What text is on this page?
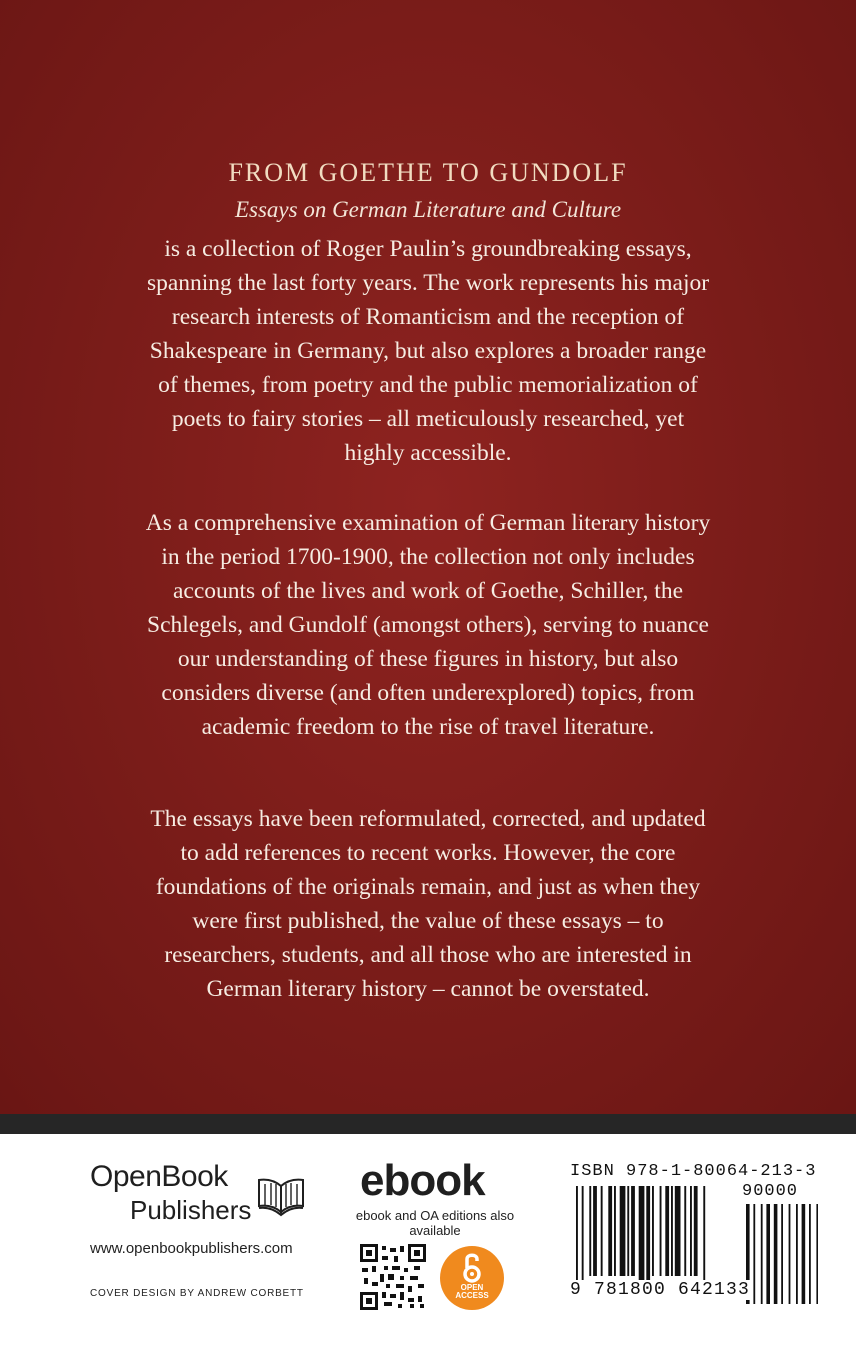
FROM GOETHE TO GUNDOLF
Essays on German Literature and Culture

is a collection of Roger Paulin’s groundbreaking essays, spanning the last forty years. The work represents his major research interests of Romanticism and the reception of Shakespeare in Germany, but also explores a broader range of themes, from poetry and the public memorialization of poets to fairy stories – all meticulously researched, yet highly accessible.

As a comprehensive examination of German literary history in the period 1700-1900, the collection not only includes accounts of the lives and work of Goethe, Schiller, the Schlegels, and Gundolf (amongst others), serving to nuance our understanding of these figures in history, but also considers diverse (and often underexplored) topics, from academic freedom to the rise of travel literature.

The essays have been reformulated, corrected, and updated to add references to recent works. However, the core foundations of the originals remain, and just as when they were first published, the value of these essays – to researchers, students, and all those who are interested in German literary history – cannot be overstated.

OpenBook
Publishers
www.openbookpublishers.com
COVER DESIGN BY ANDREW CORBETT
ebook
ebook and OA editions also available
OPEN
ACCESS
ISBN 978-1-80064-213-3
90000
9 781800 642133
